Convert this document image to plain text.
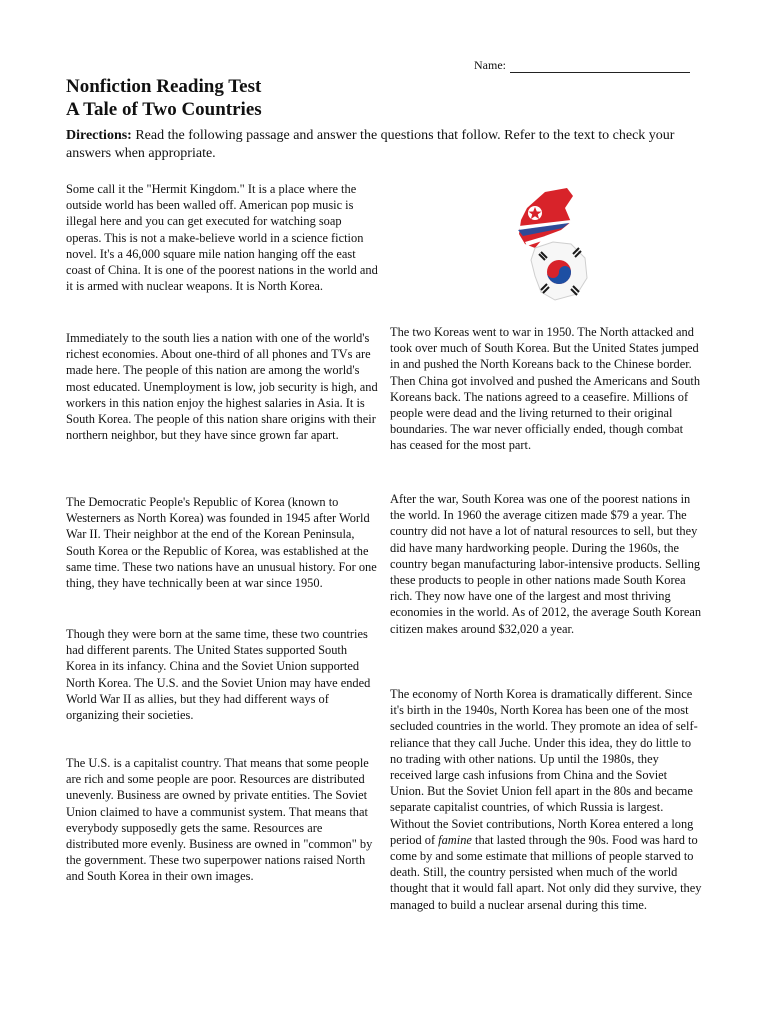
Name:
Nonfiction Reading Test
A Tale of Two Countries

Directions: Read the following passage and answer the questions that follow. Refer to the text to check your answers when appropriate.

Some call it the "Hermit Kingdom." It is a place where the outside world has been walled off. American pop music is illegal here and you can get executed for watching soap operas. This is not a make-believe world in a science fiction novel. It's a 46,000 square mile nation hanging off the east coast of China. It is one of the poorest nations in the world and it is armed with nuclear weapons. It is North Korea.

Immediately to the south lies a nation with one of the world's richest economies. About one-third of all phones and TVs are made here. The people of this nation are among the world's most educated. Unemployment is low, job security is high, and workers in this nation enjoy the highest salaries in Asia. It is South Korea. The people of this nation share origins with their northern neighbor, but they have since grown far apart.

The Democratic People's Republic of Korea (known to Westerners as North Korea) was founded in 1945 after World War II. Their neighbor at the end of the Korean Peninsula, South Korea or the Republic of Korea, was established at the same time. These two nations have an unusual history. For one thing, they have technically been at war since 1950.

Though they were born at the same time, these two countries had different parents. The United States supported South Korea in its infancy. China and the Soviet Union supported North Korea. The U.S. and the Soviet Union may have ended World War II as allies, but they had different ways of organizing their societies.

The U.S. is a capitalist country. That means that some people are rich and some people are poor. Resources are distributed unevenly. Business are owned by private entities. The Soviet Union claimed to have a communist system. That means that everybody supposedly gets the same. Resources are distributed more evenly. Business are owned in "common" by the government. These two superpower nations raised North and South Korea in their own images.

The two Koreas went to war in 1950. The North attacked and took over much of South Korea. But the United States jumped in and pushed the North Koreans back to the Chinese border. Then China got involved and pushed the Americans and South Koreans back. The nations agreed to a ceasefire. Millions of people were dead and the living returned to their original boundaries. The war never officially ended, though combat has ceased for the most part.

After the war, South Korea was one of the poorest nations in the world. In 1960 the average citizen made $79 a year. The country did not have a lot of natural resources to sell, but they did have many hardworking people. During the 1960s, the country began manufacturing labor-intensive products. Selling these products to people in other nations made South Korea rich. They now have one of the largest and most thriving economies in the world. As of 2012, the average South Korean citizen makes around $32,020 a year.

The economy of North Korea is dramatically different. Since it's birth in the 1940s, North Korea has been one of the most secluded countries in the world. They promote an idea of self-reliance that they call Juche. Under this idea, they do little to no trading with other nations. Up until the 1980s, they received large cash infusions from China and the Soviet Union. But the Soviet Union fell apart in the 80s and became separate capitalist countries, of which Russia is largest. Without the Soviet contributions, North Korea entered a long period of famine that lasted through the 90s. Food was hard to come by and some estimate that millions of people starved to death. Still, the country persisted when much of the world thought that it would fall apart. Not only did they survive, they managed to build a nuclear arsenal during this time.
